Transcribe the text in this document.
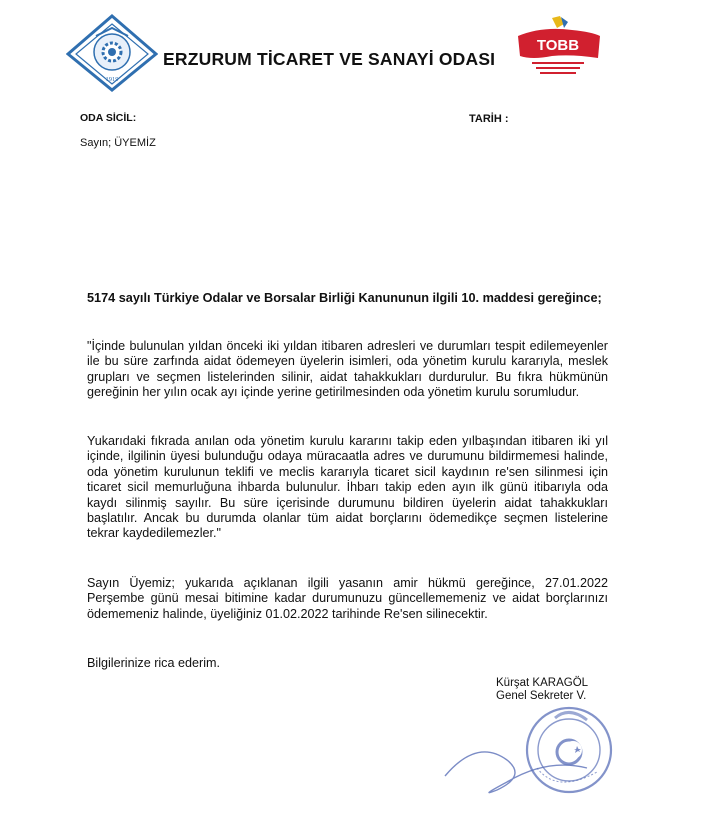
1919
ERZURUM TİCARET VE SANAYİ ODASI
TOBB
ODA SİCİL:	TARİH :
Sayın; ÜYEMİZ
5174 sayılı Türkiye Odalar ve Borsalar Birliği Kanununun ilgili 10. maddesi gereğince;
"İçinde bulunulan yıldan önceki iki yıldan itibaren adresleri ve durumları tespit edilemeyenler ile bu süre zarfında aidat ödemeyen üyelerin isimleri, oda yönetim kurulu kararıyla, meslek grupları ve seçmen listelerinden silinir, aidat tahakkukları durdurulur. Bu fıkra hükmünün gereğinin her yılın ocak ayı içinde yerine getirilmesinden oda yönetim kurulu sorumludur.
Yukarıdaki fıkrada anılan oda yönetim kurulu kararını takip eden yılbaşından itibaren iki yıl içinde, ilgilinin üyesi bulunduğu odaya müracaatla adres ve durumunu bildirmemesi halinde, oda yönetim kurulunun teklifi ve meclis kararıyla ticaret sicil kaydının re'sen silinmesi için ticaret sicil memurluğuna ihbarda bulunulur. İhbarı takip eden ayın ilk günü itibarıyla oda kaydı silinmiş sayılır. Bu süre içerisinde durumunu bildiren üyelerin aidat tahakkukları başlatılır. Ancak bu durumda olanlar tüm aidat borçlarını ödemedikçe seçmen listelerine tekrar kaydedilemezler."
Sayın Üyemiz; yukarıda açıklanan ilgili yasanın amir hükmü gereğince, 27.01.2022 Perşembe günü mesai bitimine kadar durumunuzu güncellememeniz ve aidat borçlarınızı ödememeniz halinde, üyeliğiniz 01.02.2022 tarihinde Re'sen silinecektir.
Bilgilerinize rica ederim.
Kürşat KARAGÖL
Genel Sekreter V.
